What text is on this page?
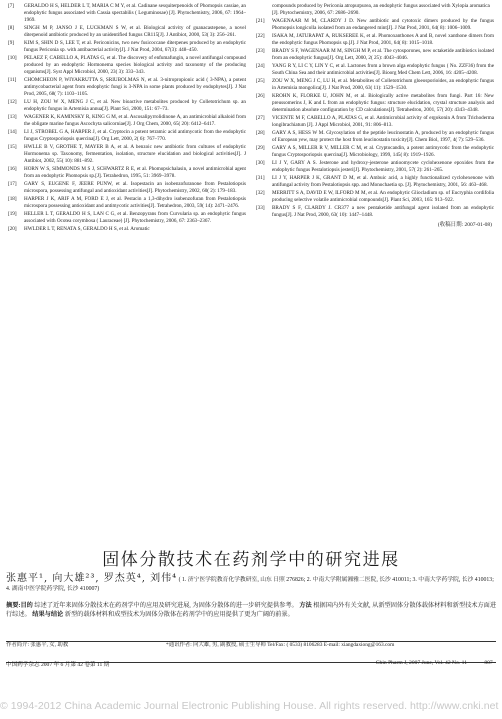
[7]	GERALDO H S, HELDER L T, MARIA C M Y, et al. Cadinane sesquiterpenoids of Phomopsis cassiae, an endophytic fungus associated with Cassia spectabilis ( Leguminosae) [J]. Phytochemistry, 2006, 67: 1964–1969.
[8]	SINGH M P, JANSO J E, LUCKMAN S W, et al. Biological activity of guanacastepene, a novel diterpenoid antibiotic produced by an unidentified fungus CR115[J]. J Antibiot, 2000, 53( 3): 256–261.
[9]	KIM S, SHIN D S, LEE T, et al. Periconicins, two new fusicoccane diterpenes produced by an endophytic fungus Periconia sp. with antibacterial activity[J]. J Nat Prod, 2004, 67(3): 448–450.
[10]	PELAEZ F, CABELLO A, PLATAS G, et al. The discovery of enfumafungin, a novel antifungal compound produced by an endophytic Hormonema species biological activity and taxonomy of the producing organisms[J]. Syst Appl Microbiol, 2000, 23( 3): 333–343.
[11]	CHOMCHEON P, WIYAKRUTTA S, SRIUBOLMAS N, et al. 3-nitropropionic acid ( 3-NPA), a potent antimycobacterial agent from endophytic fungi is 3-NPA in some plants produced by endophytes[J]. J Nat Prod, 2005, 68( 7): 1103–1105.
[12]	LU H, ZOU W X, MENG J C, et al. New bioactive metabolites produced by Colletotrichum sp. an endophytic fungus in Artemisia annua[J]. Plant Sci, 2000, 151: 67–73.
[13]	WAGENER K, KAMINSKY R, KING G M, et al. Ascosalipyrrolidinone A, an antimicrobial alkaloid from the obligate marine fungus Ascochyta salicorniae[J]. J Org Chem, 2000, 65( 20): 6412–6417.
[14]	LI J, STROBEL G A, HARPER J, et al. Cryptocin a potent tetramic acid antimycotic from the endophytic fungus Cryptosporiopsis quercina[J]. Org Lett, 2000, 2( 6): 767–770.
[15]	HWLLE B V, GROTHE T, MAYER B A, et al. A benzoic new antibiotic from cultures of endophytic Hormonema sp. Taxonomy, fermentation, isolation, structure elucidation and biological activities[J]. J Antibiot, 2002, 55( 10): 881–892.
[16]	HORN W S, SIMMONDS M S J, SCHWARTZ R E, et al. Phomopsichalasin, a novel antimicrobial agent from an endophytic Phomopsis sp.[J]. Tetrahedron, 1995, 51: 3969–3978.
[17]	GARY S, EUGENE F, JEERE PUNW, et al. Isopestacin an isobenzofuranone from Pestalotiopsis microspora, possessing antifungal and antioxidant activities[J]. Phytochemistry, 2002, 60( 2): 179–183.
[18]	HARPER J K, ARIF A M, FORD E J, et al. Pestacin a 1,3-dihydro isobenzofuran from Pestalotiopsis microspora possessing antioxidant and antimycotic activities[J]. Tetrahedron, 2003, 59( 14): 2471–2476.
[19]	HELLER L T, GERALDO H S, LAN C G, et al. Benzopyrans from Curvularia sp. an endophytic fungus associated with Ocotea corymbosa ( Lauraceae) [J]. Phytochemistry, 2006, 67: 2363–2367.
[20]	HWLDER L T, RENATA S, GERALDO H S, et al. Aromatic
compounds produced by Periconia atropurpurea, an endophytic fungus associated with Xylopia aromatica [J]. Phytochemistry, 2006, 67: 2686–2690.
[21]	WAGENAAR M M, CLARDY J D. New antibiotic and cytotoxic dimers produced by the fungus Phomopsis longicolla isolated from an endangered mint[J]. J Nat Prod, 2001, 64( 8): 1006–1009.
[22]	ISAKA M, JATURAPAT A, RUKSEREE K, et al. Phomoxanthones A and B, novel xanthone dimers from the endophytic fungus Phomopsis sp.[J]. J Nat Prod, 2001, 64( 8): 1015–1018.
[23]	BRADY S F, WAGENAAR M M, SINGH M P, et al. The cytosporones, new octaketide antibiotics isolated from an endophytic fungus[J]. Org Lett, 2000, 2( 25): 4043–4046.
[24]	YANG R Y, LI C Y, LIN Y C, et al. Lactones from a brown alga endophytic fungus ( No. ZZF36) from the South China Sea and their antimicrobial activities[J]. Bioorg Med Chem Lett, 2006, 16: 4205–4208.
[25]	ZOU W X, MENG J C, LU H, et al. Metabolites of Colletotrichum gloeosporioides, an endophytic fungus in Artemisia mongolica[J]. J Nat Prod, 2000, 63( 11): 1529–1530.
[26]	KROHN K, FLORKE U, JOHN M, et al. Biologically active metabolites from fungi. Part 16: New preussomerins J, K and L from an endophytic fungus: structure elucidation, crystal structure analysis and determination absolute configuration by CD calculations[J]. Tetrahedron, 2001, 57( 20): 4343–4348.
[27]	VICENTE M F, CABELLO A, PLATAS G, et al. Antimicrobial activity of ergokonin A from Trichoderma longibrachiatum [J]. J Appl Microbiol, 2001, 91: 806–813.
[28]	GARY A S, HESS W M. Glycosylation of the peptide leucinostatin A, produced by an endophytic fungus of European yew, may protect the host from leucinostatin toxicity[J]. Chem Biol, 1997, 4( 7): 529–536.
[29]	GARY A S, MILLER R V, MILLER C M, et al. Cryptocandin, a potent antimycotic from the endophytic fungus Cryptosporiopsis quercina[J]. Microbiology, 1999, 145( 8): 1919–1926.
[30]	LI J Y, GARY A S. Jesterone and hydroxy-jesterone antioomycete cyclohexenone epoxides from the endophytic fungus Pestalotiopsis jesteri[J]. Phytochemistry, 2001, 57( 2): 261–265.
[31]	LI J Y, HARPER J K, GRANT D M, et al. Ambuic acid, a highly functionalized cyclohexenone with antifungal activity from Pestalotiopsis spp. and Monochaetia sp. [J]. Phytochemistry, 2001, 56: 463–468.
[32]	MERRITT S A, DAVID E W, ILFORD M M, et al. An endophytic Gliocladium sp. of Eucryphia cordifolia producing selective volatile antimicrobial compounds[J]. Plant Sci, 2003, 165: 913–922.
[33]	BRADY S F, CLARDY J. CR377 a new pentaketide antifungal agent isolated from an endophytic fungus[J]. J Nat Prod, 2000, 63( 10): 1447–1448.
(收稿日期: 2007-01-08)
固体分散技术在药剂学中的研究进展
张惠平¹, 向大雄²³, 罗杰英⁴, 刘伟⁴ ( 1. 济宁医学院教育化学教研室, 山东 日照 276826; 2. 中南大学附属湘雅二医院, 长沙 410011; 3. 中南大学药学院, 长沙 410013; 4. 湖南中医学院药学院, 长沙 410007)
摘要:目的 综述了近年来固体分散技术在药剂学中的应用及研究进展, 为固体分散体的进一步研究提供参考。 方法 根据国内外有关文献, 从新型固体分散体载体材料和新型技术方面进行综述。 结果与结论 新型的载体材料和成型技术为固体分散体在药剂学中的应用提供了更为广阔的前景。
作者简介: 张惠平, 女, 助教	*通讯作者: 向大雄, 男, 副教授, 硕士生导师 Tel/Fax: ( 0533) 8106283 E-mail: xiangdaxiong@163.com
中国药学杂志 2007 年 6 月第 42 卷第 11 期	Chin Pharm J, 2007 June, Vol. 42 No. 11	· 807 ·
© 1994-2012 China Academic Journal Electronic Publishing House. All rights reserved. http://www.cnki.net
